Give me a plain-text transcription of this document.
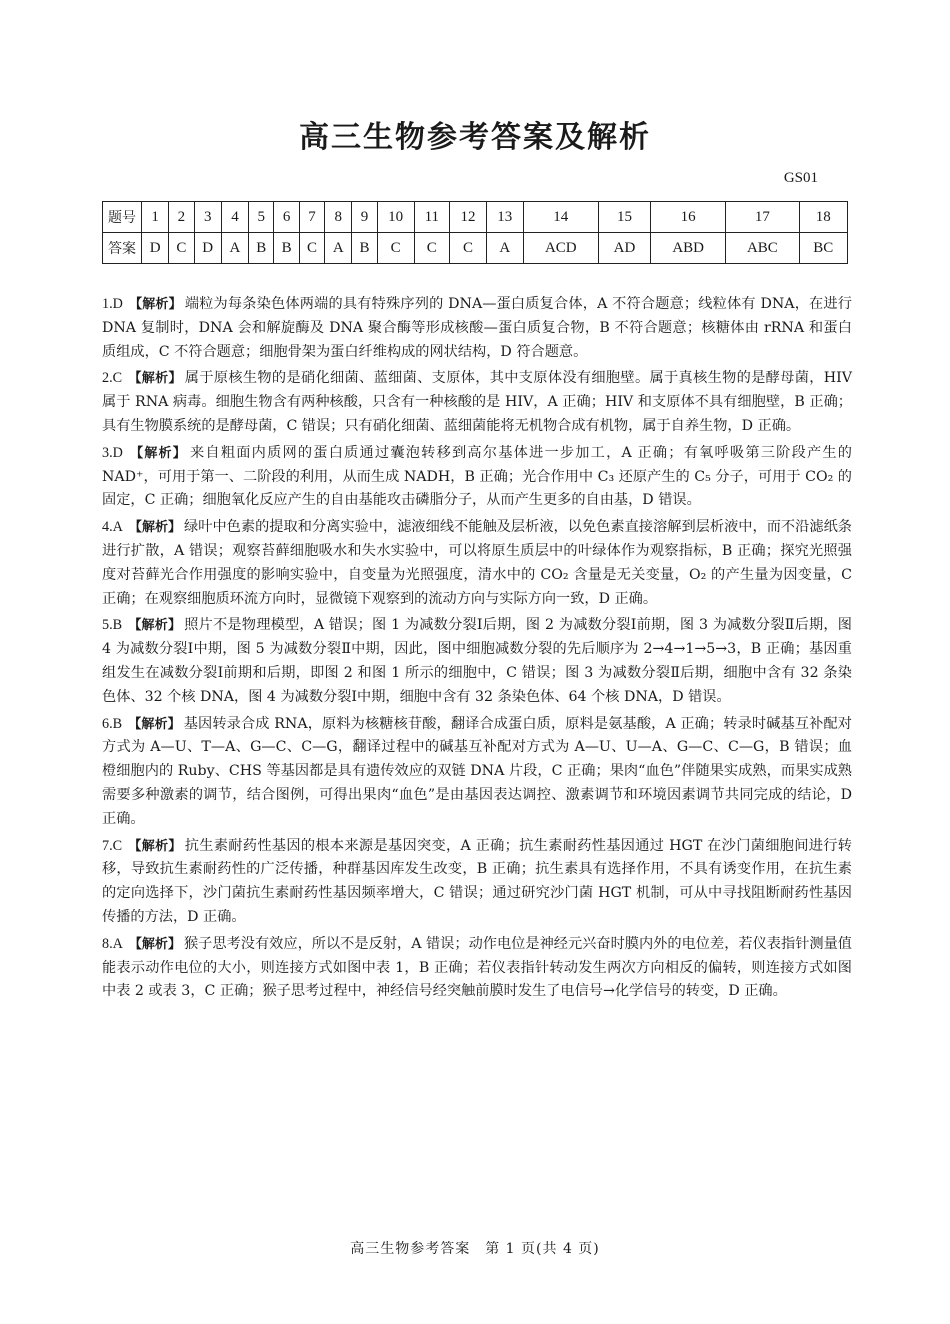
高三生物参考答案及解析
GS01
题号	1	2	3	4	5	6	7	8	9	10	11	12	13	14	15	16	17	18
答案	D	C	D	A	B	B	C	A	B	C	C	C	A	ACD	AD	ABD	ABC	BC
1.D 【解析】 端粒为每条染色体两端的具有特殊序列的 DNA—蛋白质复合体，A 不符合题意；线粒体有 DNA，在进行 DNA 复制时，DNA 会和解旋酶及 DNA 聚合酶等形成核酸—蛋白质复合物，B 不符合题意；核糖体由 rRNA 和蛋白质组成，C 不符合题意；细胞骨架为蛋白纤维构成的网状结构，D 符合题意。
2.C 【解析】 属于原核生物的是硝化细菌、蓝细菌、支原体，其中支原体没有细胞壁。属于真核生物的是酵母菌，HIV 属于 RNA 病毒。细胞生物含有两种核酸，只含有一种核酸的是 HIV，A 正确；HIV 和支原体不具有细胞壁，B 正确；具有生物膜系统的是酵母菌，C 错误；只有硝化细菌、蓝细菌能将无机物合成有机物，属于自养生物，D 正确。
3.D 【解析】 来自粗面内质网的蛋白质通过囊泡转移到高尔基体进一步加工，A 正确；有氧呼吸第三阶段产生的 NAD⁺，可用于第一、二阶段的利用，从而生成 NADH，B 正确；光合作用中 C₃ 还原产生的 C₅ 分子，可用于 CO₂ 的固定，C 正确；细胞氧化反应产生的自由基能攻击磷脂分子，从而产生更多的自由基，D 错误。
4.A 【解析】 绿叶中色素的提取和分离实验中，滤液细线不能触及层析液，以免色素直接溶解到层析液中，而不沿滤纸条进行扩散，A 错误；观察苔藓细胞吸水和失水实验中，可以将原生质层中的叶绿体作为观察指标，B 正确；探究光照强度对苔藓光合作用强度的影响实验中，自变量为光照强度，清水中的 CO₂ 含量是无关变量，O₂ 的产生量为因变量，C 正确；在观察细胞质环流方向时，显微镜下观察到的流动方向与实际方向一致，D 正确。
5.B 【解析】 照片不是物理模型，A 错误；图 1 为减数分裂Ⅰ后期，图 2 为减数分裂Ⅰ前期，图 3 为减数分裂Ⅱ后期，图 4 为减数分裂Ⅰ中期，图 5 为减数分裂Ⅱ中期，因此，图中细胞减数分裂的先后顺序为 2→4→1→5→3，B 正确；基因重组发生在减数分裂Ⅰ前期和后期，即图 2 和图 1 所示的细胞中，C 错误；图 3 为减数分裂Ⅱ后期，细胞中含有 32 条染色体、32 个核 DNA，图 4 为减数分裂Ⅰ中期，细胞中含有 32 条染色体、64 个核 DNA，D 错误。
6.B 【解析】 基因转录合成 RNA，原料为核糖核苷酸，翻译合成蛋白质，原料是氨基酸，A 正确；转录时碱基互补配对方式为 A—U、T—A、G—C、C—G，翻译过程中的碱基互补配对方式为 A—U、U—A、G—C、C—G，B 错误；血橙细胞内的 Ruby、CHS 等基因都是具有遗传效应的双链 DNA 片段，C 正确；果肉“血色”伴随果实成熟，而果实成熟需要多种激素的调节，结合图例，可得出果肉“血色”是由基因表达调控、激素调节和环境因素调节共同完成的结论，D 正确。
7.C 【解析】 抗生素耐药性基因的根本来源是基因突变，A 正确；抗生素耐药性基因通过 HGT 在沙门菌细胞间进行转移，导致抗生素耐药性的广泛传播，种群基因库发生改变，B 正确；抗生素具有选择作用，不具有诱变作用，在抗生素的定向选择下，沙门菌抗生素耐药性基因频率增大，C 错误；通过研究沙门菌 HGT 机制，可从中寻找阻断耐药性基因传播的方法，D 正确。
8.A 【解析】 猴子思考没有效应，所以不是反射，A 错误；动作电位是神经元兴奋时膜内外的电位差，若仪表指针测量值能表示动作电位的大小，则连接方式如图中表 1，B 正确；若仪表指针转动发生两次方向相反的偏转，则连接方式如图中表 2 或表 3，C 正确；猴子思考过程中，神经信号经突触前膜时发生了电信号→化学信号的转变，D 正确。
高三生物参考答案　第 1 页(共 4 页)
